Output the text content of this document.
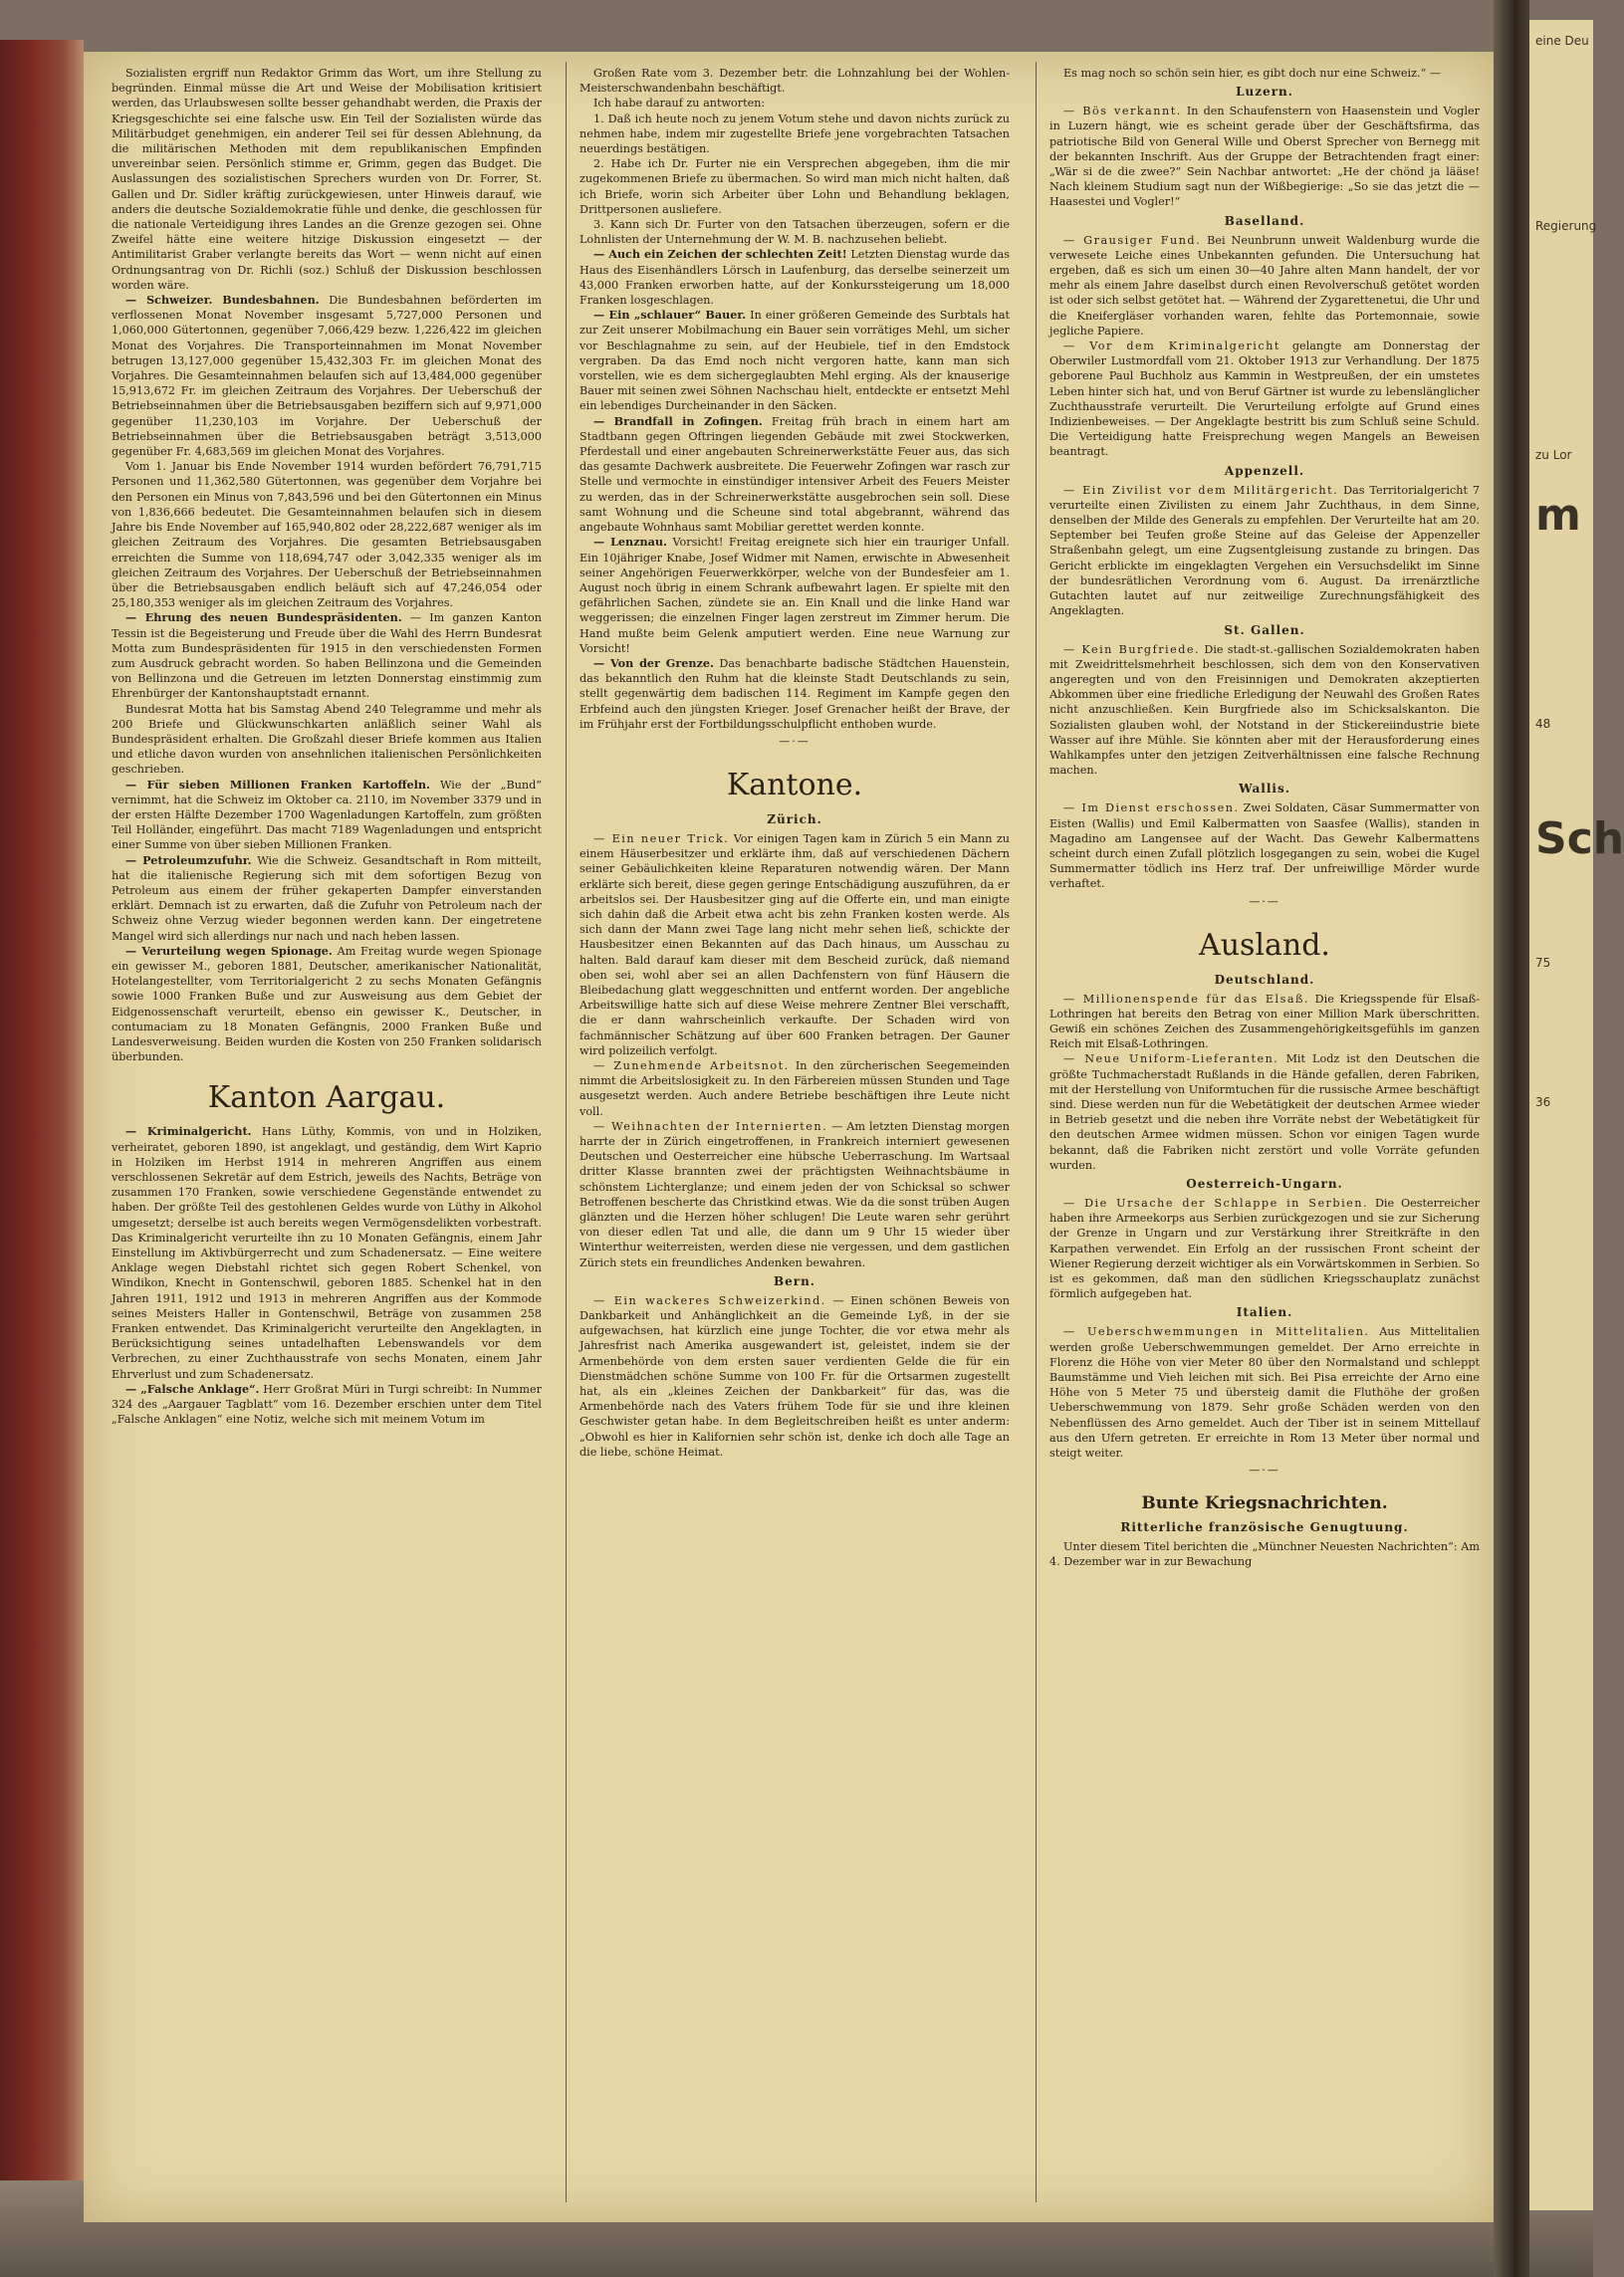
Sozialisten ergriff nun Redaktor Grimm das Wort, um ihre Stellung zu begründen. Einmal müsse die Art und Weise der Mobilisation kritisiert werden, das Urlaubswesen sollte besser gehandhabt werden, die Praxis der Kriegsgeschichte sei eine falsche usw. Ein Teil der Sozialisten würde das Militärbudget genehmigen, ein anderer Teil sei für dessen Ablehnung, da die militärischen Methoden mit dem republikanischen Empfinden unvereinbar seien. Persönlich stimme er, Grimm, gegen das Budget. Die Auslassungen des sozialistischen Sprechers wurden von Dr. Forrer, St. Gallen und Dr. Sidler kräftig zurückgewiesen, unter Hinweis darauf, wie anders die deutsche Sozialdemokratie fühle und denke, die geschlossen für die nationale Verteidigung ihres Landes an die Grenze gezogen sei. Ohne Zweifel hätte eine weitere hitzige Diskussion eingesetzt — der Antimilitarist Graber verlangte bereits das Wort — wenn nicht auf einen Ordnungsantrag von Dr. Richli (soz.) Schluß der Diskussion beschlossen worden wäre.

— Schweizer. Bundesbahnen. Die Bundesbahnen beförderten im verflossenen Monat November insgesamt 5,727,000 Personen und 1,060,000 Gütertonnen, gegenüber 7,066,429 bezw. 1,226,422 im gleichen Monat des Vorjahres. Die Transporteinnahmen im Monat November betrugen 13,127,000 gegenüber 15,432,303 Fr. im gleichen Monat des Vorjahres. Die Gesamteinnahmen belaufen sich auf 13,484,000 gegenüber 15,913,672 Fr. im gleichen Zeitraum des Vorjahres. Der Ueberschuß der Betriebseinnahmen über die Betriebsausgaben beziffern sich auf 9,971,000 gegenüber 11,230,103 im Vorjahre. Der Ueberschuß der Betriebseinnahmen über die Betriebsausgaben beträgt 3,513,000 gegenüber Fr. 4,683,569 im gleichen Monat des Vorjahres.

Vom 1. Januar bis Ende November 1914 wurden befördert 76,791,715 Personen und 11,362,580 Gütertonnen, was gegenüber dem Vorjahre bei den Personen ein Minus von 7,843,596 und bei den Gütertonnen ein Minus von 1,836,666 bedeutet. Die Gesamteinnahmen belaufen sich in diesem Jahre bis Ende November auf 165,940,802 oder 28,222,687 weniger als im gleichen Zeitraum des Vorjahres. Die gesamten Betriebsausgaben erreichten die Summe von 118,694,747 oder 3,042,335 weniger als im gleichen Zeitraum des Vorjahres. Der Ueberschuß der Betriebseinnahmen über die Betriebsausgaben endlich beläuft sich auf 47,246,054 oder 25,180,353 weniger als im gleichen Zeitraum des Vorjahres.

— Ehrung des neuen Bundespräsidenten. — Im ganzen Kanton Tessin ist die Begeisterung und Freude über die Wahl des Herrn Bundesrat Motta zum Bundespräsidenten für 1915 in den verschiedensten Formen zum Ausdruck gebracht worden. So haben Bellinzona und die Gemeinden von Bellinzona und die Getreuen im letzten Donnerstag einstimmig zum Ehrenbürger der Kantonshauptstadt ernannt.

Bundesrat Motta hat bis Samstag Abend 240 Telegramme und mehr als 200 Briefe und Glückwunschkarten anläßlich seiner Wahl als Bundespräsident erhalten. Die Großzahl dieser Briefe kommen aus Italien und etliche davon wurden von ansehnlichen italienischen Persönlichkeiten geschrieben.

— Für sieben Millionen Franken Kartoffeln. Wie der „Bund“ vernimmt, hat die Schweiz im Oktober ca. 2110, im November 3379 und in der ersten Hälfte Dezember 1700 Wagenladungen Kartoffeln, zum größten Teil Holländer, eingeführt. Das macht 7189 Wagenladungen und entspricht einer Summe von über sieben Millionen Franken.

— Petroleumzufuhr. Wie die Schweiz. Gesandtschaft in Rom mitteilt, hat die italienische Regierung sich mit dem sofortigen Bezug von Petroleum aus einem der früher gekaperten Dampfer einverstanden erklärt. Demnach ist zu erwarten, daß die Zufuhr von Petroleum nach der Schweiz ohne Verzug wieder begonnen werden kann. Der eingetretene Mangel wird sich allerdings nur nach und nach heben lassen.

— Verurteilung wegen Spionage. Am Freitag wurde wegen Spionage ein gewisser M., geboren 1881, Deutscher, amerikanischer Nationalität, Hotelangestellter, vom Territorialgericht 2 zu sechs Monaten Gefängnis sowie 1000 Franken Buße und zur Ausweisung aus dem Gebiet der Eidgenossenschaft verurteilt, ebenso ein gewisser K., Deutscher, in contumaciam zu 18 Monaten Gefängnis, 2000 Franken Buße und Landesverweisung. Beiden wurden die Kosten von 250 Franken solidarisch überbunden.

Kanton Aargau.

— Kriminalgericht. Hans Lüthy, Kommis, von und in Holziken, verheiratet, geboren 1890, ist angeklagt, und geständig, dem Wirt Kaprio in Holziken im Herbst 1914 in mehreren Angriffen aus einem verschlossenen Sekretär auf dem Estrich, jeweils des Nachts, Beträge von zusammen 170 Franken, sowie verschiedene Gegenstände entwendet zu haben. Der größte Teil des gestohlenen Geldes wurde von Lüthy in Alkohol umgesetzt; derselbe ist auch bereits wegen Vermögensdelikten vorbestraft. Das Kriminalgericht verurteilte ihn zu 10 Monaten Gefängnis, einem Jahr Einstellung im Aktivbürgerrecht und zum Schadenersatz. — Eine weitere Anklage wegen Diebstahl richtet sich gegen Robert Schenkel, von Windikon, Knecht in Gontenschwil, geboren 1885. Schenkel hat in den Jahren 1911, 1912 und 1913 in mehreren Angriffen aus der Kommode seines Meisters Haller in Gontenschwil, Beträge von zusammen 258 Franken entwendet. Das Kriminalgericht verurteilte den Angeklagten, in Berücksichtigung seines untadelhaften Lebenswandels vor dem Verbrechen, zu einer Zuchthausstrafe von sechs Monaten, einem Jahr Ehrverlust und zum Schadenersatz.

— „Falsche Anklage“. Herr Großrat Müri in Turgi schreibt: In Nummer 324 des „Aargauer Tagblatt“ vom 16. Dezember erschien unter dem Titel „Falsche Anklagen“ eine Notiz, welche sich mit meinem Votum im

Großen Rate vom 3. Dezember betr. die Lohnzahlung bei der Wohlen-Meisterschwandenbahn beschäftigt.

Ich habe darauf zu antworten:

1. Daß ich heute noch zu jenem Votum stehe und davon nichts zurück zu nehmen habe, indem mir zugestellte Briefe jene vorgebrachten Tatsachen neuerdings bestätigen.

2. Habe ich Dr. Furter nie ein Versprechen abgegeben, ihm die mir zugekommenen Briefe zu übermachen. So wird man mich nicht halten, daß ich Briefe, worin sich Arbeiter über Lohn und Behandlung beklagen, Drittpersonen ausliefere.

3. Kann sich Dr. Furter von den Tatsachen überzeugen, sofern er die Lohnlisten der Unternehmung der W. M. B. nachzusehen beliebt.

— Auch ein Zeichen der schlechten Zeit! Letzten Dienstag wurde das Haus des Eisenhändlers Lörsch in Laufenburg, das derselbe seinerzeit um 43,000 Franken erworben hatte, auf der Konkurssteigerung um 18,000 Franken losgeschlagen.

— Ein „schlauer“ Bauer. In einer größeren Gemeinde des Surbtals hat zur Zeit unserer Mobilmachung ein Bauer sein vorrätiges Mehl, um sicher vor Beschlagnahme zu sein, auf der Heubiele, tief in den Emdstock vergraben. Da das Emd noch nicht vergoren hatte, kann man sich vorstellen, wie es dem sichergeglaubten Mehl erging. Als der knauserige Bauer mit seinen zwei Söhnen Nachschau hielt, entdeckte er entsetzt Mehl ein lebendiges Durcheinander in den Säcken.

— Brandfall in Zofingen. Freitag früh brach in einem hart am Stadtbann gegen Oftringen liegenden Gebäude mit zwei Stockwerken, Pferdestall und einer angebauten Schreinerwerkstätte Feuer aus, das sich das gesamte Dachwerk ausbreitete. Die Feuerwehr Zofingen war rasch zur Stelle und vermochte in einstündiger intensiver Arbeit des Feuers Meister zu werden, das in der Schreinerwerkstätte ausgebrochen sein soll. Diese samt Wohnung und die Scheune sind total abgebrannt, während das angebaute Wohnhaus samt Mobiliar gerettet werden konnte.

— Lenznau. Vorsicht! Freitag ereignete sich hier ein trauriger Unfall. Ein 10jähriger Knabe, Josef Widmer mit Namen, erwischte in Abwesenheit seiner Angehörigen Feuerwerkkörper, welche von der Bundesfeier am 1. August noch übrig in einem Schrank aufbewahrt lagen. Er spielte mit den gefährlichen Sachen, zündete sie an. Ein Knall und die linke Hand war weggerissen; die einzelnen Finger lagen zerstreut im Zimmer herum. Die Hand mußte beim Gelenk amputiert werden. Eine neue Warnung zur Vorsicht!

— Von der Grenze. Das benachbarte badische Städtchen Hauenstein, das bekanntlich den Ruhm hat die kleinste Stadt Deutschlands zu sein, stellt gegenwärtig dem badischen 114. Regiment im Kampfe gegen den Erbfeind auch den jüngsten Krieger. Josef Grenacher heißt der Brave, der im Frühjahr erst der Fortbildungsschulpflicht enthoben wurde.

—·—
Kantone.
Zürich.

— Ein neuer Trick. Vor einigen Tagen kam in Zürich 5 ein Mann zu einem Häuserbesitzer und erklärte ihm, daß auf verschiedenen Dächern seiner Gebäulichkeiten kleine Reparaturen notwendig wären. Der Mann erklärte sich bereit, diese gegen geringe Entschädigung auszuführen, da er arbeitslos sei. Der Hausbesitzer ging auf die Offerte ein, und man einigte sich dahin daß die Arbeit etwa acht bis zehn Franken kosten werde. Als sich dann der Mann zwei Tage lang nicht mehr sehen ließ, schickte der Hausbesitzer einen Bekannten auf das Dach hinaus, um Ausschau zu halten. Bald darauf kam dieser mit dem Bescheid zurück, daß niemand oben sei, wohl aber sei an allen Dachfenstern von fünf Häusern die Bleibedachung glatt weggeschnitten und entfernt worden. Der angebliche Arbeitswillige hatte sich auf diese Weise mehrere Zentner Blei verschafft, die er dann wahrscheinlich verkaufte. Der Schaden wird von fachmännischer Schätzung auf über 600 Franken betragen. Der Gauner wird polizeilich verfolgt.

— Zunehmende Arbeitsnot. In den zürcherischen Seegemeinden nimmt die Arbeitslosigkeit zu. In den Färbereien müssen Stunden und Tage ausgesetzt werden. Auch andere Betriebe beschäftigen ihre Leute nicht voll.

— Weihnachten der Internierten. — Am letzten Dienstag morgen harrte der in Zürich eingetroffenen, in Frankreich interniert gewesenen Deutschen und Oesterreicher eine hübsche Ueberraschung. Im Wartsaal dritter Klasse brannten zwei der prächtigsten Weihnachtsbäume in schönstem Lichterglanze; und einem jeden der von Schicksal so schwer Betroffenen bescherte das Christkind etwas. Wie da die sonst trüben Augen glänzten und die Herzen höher schlugen! Die Leute waren sehr gerührt von dieser edlen Tat und alle, die dann um 9 Uhr 15 wieder über Winterthur weiterreisten, werden diese nie vergessen, und dem gastlichen Zürich stets ein freundliches Andenken bewahren.

Bern.

— Ein wackeres Schweizerkind. — Einen schönen Beweis von Dankbarkeit und Anhänglichkeit an die Gemeinde Lyß, in der sie aufgewachsen, hat kürzlich eine junge Tochter, die vor etwa mehr als Jahresfrist nach Amerika ausgewandert ist, geleistet, indem sie der Armenbehörde von dem ersten sauer verdienten Gelde die für ein Dienstmädchen schöne Summe von 100 Fr. für die Ortsarmen zugestellt hat, als ein „kleines Zeichen der Dankbarkeit“ für das, was die Armenbehörde nach des Vaters frühem Tode für sie und ihre kleinen Geschwister getan habe. In dem Begleitschreiben heißt es unter anderm: „Obwohl es hier in Kalifornien sehr schön ist, denke ich doch alle Tage an die liebe, schöne Heimat.

Es mag noch so schön sein hier, es gibt doch nur eine Schweiz.“ —

Luzern.

— Bös verkannt. In den Schaufenstern von Haasenstein und Vogler in Luzern hängt, wie es scheint gerade über der Geschäftsfirma, das patriotische Bild von General Wille und Oberst Sprecher von Bernegg mit der bekannten Inschrift. Aus der Gruppe der Betrachtenden fragt einer: „Wär si de die zwee?“ Sein Nachbar antwortet: „He der chönd ja lääse! Nach kleinem Studium sagt nun der Wißbegierige: „So sie das jetzt die — Haasestei und Vogler!“

Baselland.

— Grausiger Fund. Bei Neunbrunn unweit Waldenburg wurde die verwesete Leiche eines Unbekannten gefunden. Die Untersuchung hat ergeben, daß es sich um einen 30—40 Jahre alten Mann handelt, der vor mehr als einem Jahre daselbst durch einen Revolverschuß getötet worden ist oder sich selbst getötet hat. — Während der Zygarettenetui, die Uhr und die Kneifergläser vorhanden waren, fehlte das Portemonnaie, sowie jegliche Papiere.

— Vor dem Kriminalgericht gelangte am Donnerstag der Oberwiler Lustmordfall vom 21. Oktober 1913 zur Verhandlung. Der 1875 geborene Paul Buchholz aus Kammin in Westpreußen, der ein umstetes Leben hinter sich hat, und von Beruf Gärtner ist wurde zu lebenslänglicher Zuchthausstrafe verurteilt. Die Verurteilung erfolgte auf Grund eines Indizienbeweises. — Der Angeklagte bestritt bis zum Schluß seine Schuld. Die Verteidigung hatte Freisprechung wegen Mangels an Beweisen beantragt.

Appenzell.

— Ein Zivilist vor dem Militärgericht. Das Territorialgericht 7 verurteilte einen Zivilisten zu einem Jahr Zuchthaus, in dem Sinne, denselben der Milde des Generals zu empfehlen. Der Verurteilte hat am 20. September bei Teufen große Steine auf das Geleise der Appenzeller Straßenbahn gelegt, um eine Zugsentgleisung zustande zu bringen. Das Gericht erblickte im eingeklagten Vergehen ein Versuchsdelikt im Sinne der bundesrätlichen Verordnung vom 6. August. Da irrenärztliche Gutachten lautet auf nur zeitweilige Zurechnungsfähigkeit des Angeklagten.

St. Gallen.

— Kein Burgfriede. Die stadt-st.-gallischen Sozialdemokraten haben mit Zweidrittelsmehrheit beschlossen, sich dem von den Konservativen angeregten und von den Freisinnigen und Demokraten akzeptierten Abkommen über eine friedliche Erledigung der Neuwahl des Großen Rates nicht anzuschließen. Kein Burgfriede also im Schicksalskanton. Die Sozialisten glauben wohl, der Notstand in der Stickereiindustrie biete Wasser auf ihre Mühle. Sie könnten aber mit der Herausforderung eines Wahlkampfes unter den jetzigen Zeitverhältnissen eine falsche Rechnung machen.

Wallis.

— Im Dienst erschossen. Zwei Soldaten, Cäsar Summermatter von Eisten (Wallis) und Emil Kalbermatten von Saasfee (Wallis), standen in Magadino am Langensee auf der Wacht. Das Gewehr Kalbermattens scheint durch einen Zufall plötzlich losgegangen zu sein, wobei die Kugel Summermatter tödlich ins Herz traf. Der unfreiwillige Mörder wurde verhaftet.

—·—
Ausland.
Deutschland.

— Millionenspende für das Elsaß. Die Kriegsspende für Elsaß-Lothringen hat bereits den Betrag von einer Million Mark überschritten. Gewiß ein schönes Zeichen des Zusammengehörigkeitsgefühls im ganzen Reich mit Elsaß-Lothringen.

— Neue Uniform-Lieferanten. Mit Lodz ist den Deutschen die größte Tuchmacherstadt Rußlands in die Hände gefallen, deren Fabriken, mit der Herstellung von Uniformtuchen für die russische Armee beschäftigt sind. Diese werden nun für die Webetätigkeit der deutschen Armee wieder in Betrieb gesetzt und die neben ihre Vorräte nebst der Webetätigkeit für den deutschen Armee widmen müssen. Schon vor einigen Tagen wurde bekannt, daß die Fabriken nicht zerstört und volle Vorräte gefunden wurden.

Oesterreich-Ungarn.

— Die Ursache der Schlappe in Serbien. Die Oesterreicher haben ihre Armeekorps aus Serbien zurückgezogen und sie zur Sicherung der Grenze in Ungarn und zur Verstärkung ihrer Streitkräfte in den Karpathen verwendet. Ein Erfolg an der russischen Front scheint der Wiener Regierung derzeit wichtiger als ein Vorwärtskommen in Serbien. So ist es gekommen, daß man den südlichen Kriegsschauplatz zunächst förmlich aufgegeben hat.

Italien.

— Ueberschwemmungen in Mittelitalien. Aus Mittelitalien werden große Ueberschwemmungen gemeldet. Der Arno erreichte in Florenz die Höhe von vier Meter 80 über den Normalstand und schleppt Baumstämme und Vieh leichen mit sich. Bei Pisa erreichte der Arno eine Höhe von 5 Meter 75 und übersteig damit die Fluthöhe der großen Ueberschwemmung von 1879. Sehr große Schäden werden von den Nebenflüssen des Arno gemeldet. Auch der Tiber ist in seinem Mittellauf aus den Ufern getreten. Er erreichte in Rom 13 Meter über normal und steigt weiter.

—·—
Bunte Kriegsnachrichten.
Ritterliche französische Genugtuung.

Unter diesem Titel berichten die „Münchner Neuesten Nachrichten“: Am 4. Dezember war in zur Bewachung

eine Deu
Regierung
zu Lor
m
Sch
75
48
36
